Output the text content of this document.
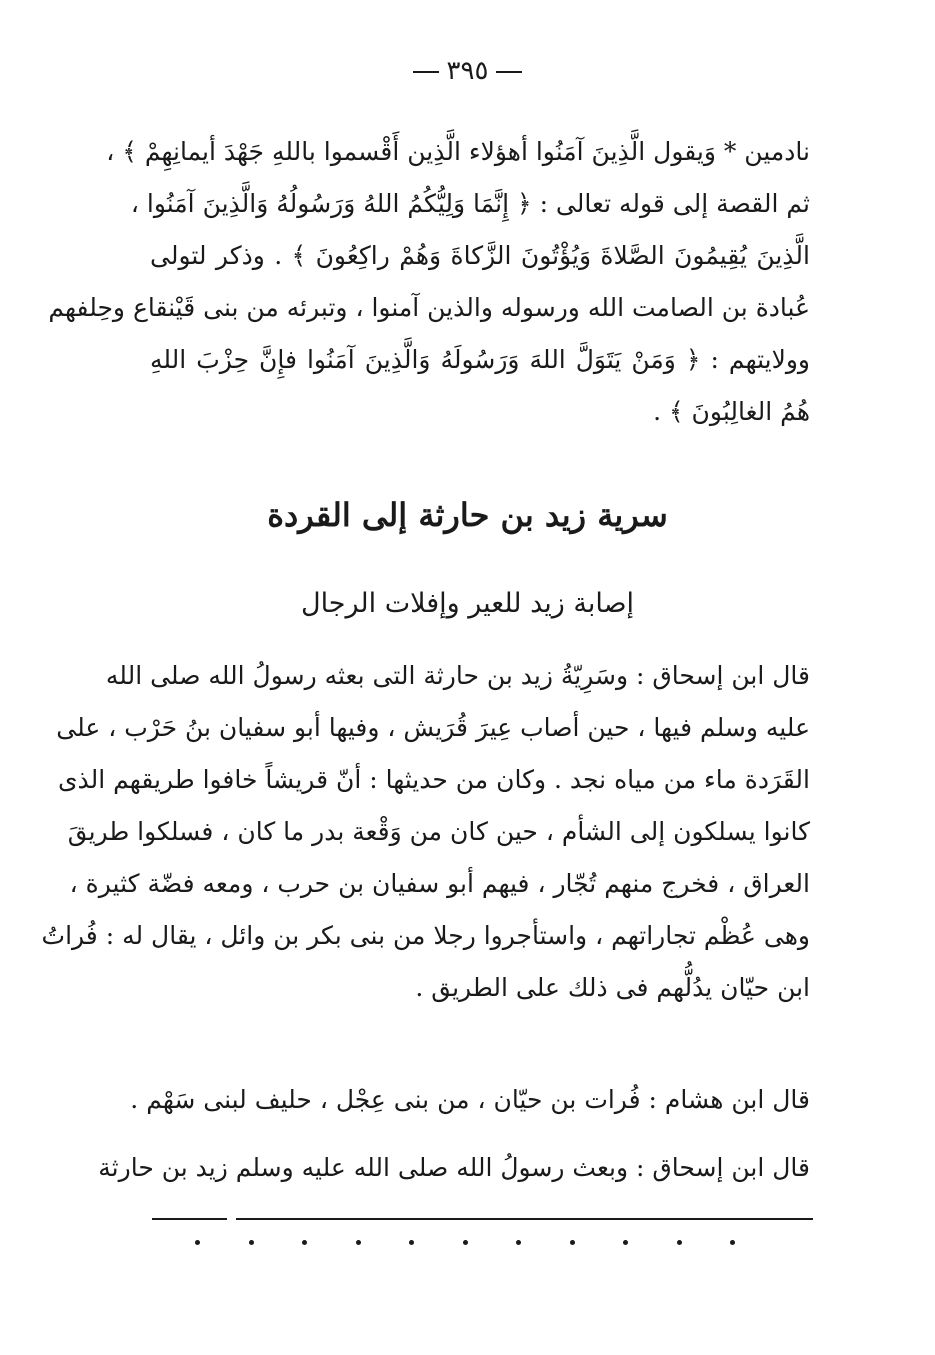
٣٩٥
نادمين * وَيقول الَّذِينَ آمَنُوا أهؤلاء الَّذِين أَقْسموا باللهِ جَهْدَ أيمانِهِمْ ﴾ ،
ثم القصة إلى قوله تعالى : ﴿ إِنَّمَا وَلِيُّكُمُ اللهُ وَرَسُولُهُ وَالَّذِينَ آمَنُوا ،
الَّذِينَ يُقِيمُونَ الصَّلاةَ وَيُؤْتُونَ الزَّكاةَ وَهُمْ راكِعُونَ ﴾ . وذكر لتولى
عُبادة بن الصامت الله ورسوله والذين آمنوا ، وتبرئه من بنى قَيْنقاع وحِلفهم
وولايتهم : ﴿ وَمَنْ يَتَوَلَّ اللهَ وَرَسُولَهُ وَالَّذِينَ آمَنُوا فإِنَّ حِزْبَ اللهِ
هُمُ الغالِبُونَ ﴾ .
سرية زيد بن حارثة إلى القردة
إصابة زيد للعير وإفلات الرجال
قال ابن إسحاق : وسَرِيّةُ زيد بن حارثة التى بعثه رسولُ الله صلى الله
عليه وسلم فيها ، حين أصاب عِيرَ قُرَيش ، وفيها أبو سفيان بنُ حَرْب ، على
القَرَدة ماء من مياه نجد . وكان من حديثها : أنّ قريشاً خافوا طريقهم الذى
كانوا يسلكون إلى الشأم ، حين كان من وَقْعة بدر ما كان ، فسلكوا طريقَ
العراق ، فخرج منهم تُجّار ، فيهم أبو سفيان بن حرب ، ومعه فضّة كثيرة ،
وهى عُظْم تجاراتهم ، واستأجروا رجلا من بنى بكر بن وائل ، يقال له : فُراتُ
ابن حيّان يدُلُّهم فى ذلك على الطريق .
قال ابن هشام : فُرات بن حيّان ، من بنى عِجْل ، حليف لبنى سَهْم .
قال ابن إسحاق : وبعث رسولُ الله صلى الله عليه وسلم زيد بن حارثة
